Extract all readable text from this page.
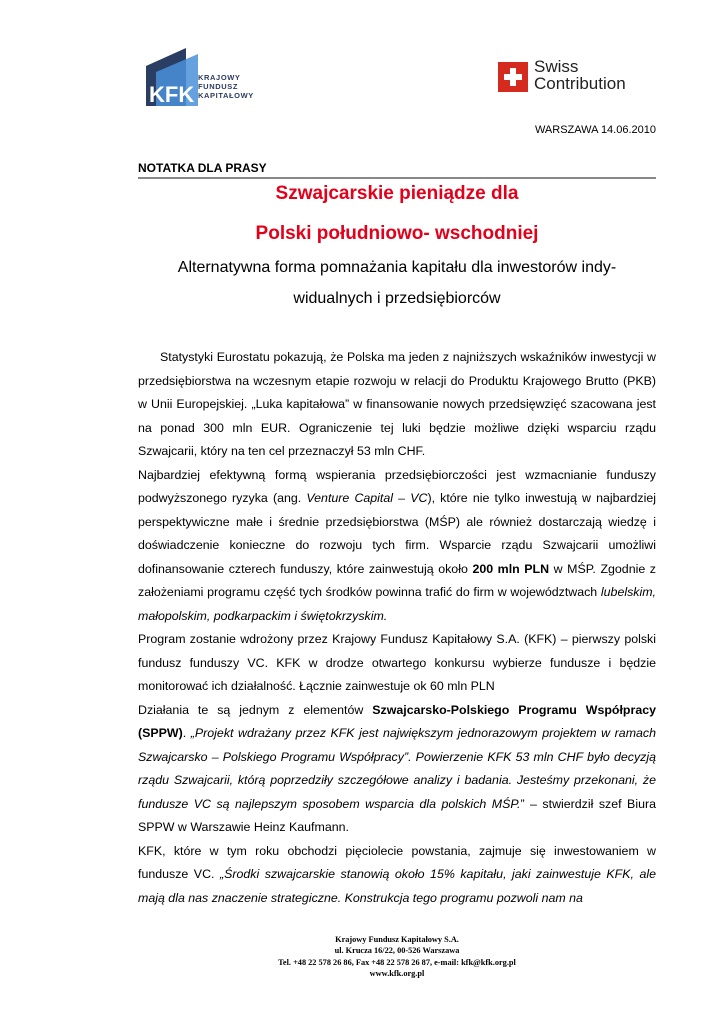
KFK
KRAJOWY
FUNDUSZ
KAPITAŁOWY
Swiss
Contribution
WARSZAWA 14.06.2010
NOTATKA DLA PRASY
Szwajcarskie pieniądze dla
Polski południowo- wschodniej
Alternatywna forma pomnażania kapitału dla inwestorów indy-
widualnych i przedsiębiorców

Statystyki Eurostatu pokazują, że Polska ma jeden z najniższych wskaźników inwestycji w przedsiębiorstwa na wczesnym etapie rozwoju w relacji do Produktu Krajowego Brutto (PKB) w Unii Europejskiej. „Luka kapitałowa” w finansowanie nowych przedsięwzięć szacowana jest na ponad 300 mln EUR. Ograniczenie tej luki będzie możliwe dzięki wsparciu rządu Szwajcarii, który na ten cel przeznaczył 53 mln CHF.

Najbardziej efektywną formą wspierania przedsiębiorczości jest wzmacnianie funduszy podwyższonego ryzyka (ang. Venture Capital – VC), które nie tylko inwestują w najbardziej perspektywiczne małe i średnie przedsiębiorstwa (MŚP) ale również dostarczają wiedzę i doświadczenie konieczne do rozwoju tych firm. Wsparcie rządu Szwajcarii umożliwi dofinansowanie czterech funduszy, które zainwestują około 200 mln PLN w MŚP. Zgodnie z założeniami programu część tych środków powinna trafić do firm w województwach lubelskim, małopolskim, podkarpackim i świętokrzyskim.

Program zostanie wdrożony przez Krajowy Fundusz Kapitałowy S.A. (KFK) – pierwszy polski fundusz funduszy VC. KFK w drodze otwartego konkursu wybierze fundusze i będzie monitorować ich działalność. Łącznie zainwestuje ok 60 mln PLN

Działania te są jednym z elementów Szwajcarsko-Polskiego Programu Współpracy (SPPW). „Projekt wdrażany przez KFK jest największym jednorazowym projektem w ramach Szwajcarsko – Polskiego Programu Współpracy”. Powierzenie KFK 53 mln CHF było decyzją rządu Szwajcarii, którą poprzedziły szczegółowe analizy i badania. Jesteśmy przekonani, że fundusze VC są najlepszym sposobem wsparcia dla polskich MŚP.” – stwierdził szef Biura SPPW w Warszawie Heinz Kaufmann.

KFK, które w tym roku obchodzi pięciolecie powstania, zajmuje się inwestowaniem w fundusze VC. „Środki szwajcarskie stanowią około 15% kapitału, jaki zainwestuje KFK, ale mają dla nas znaczenie strategiczne. Konstrukcja tego programu pozwoli nam na

Krajowy Fundusz Kapitałowy S.A.
ul. Krucza 16/22, 00-526 Warszawa
Tel. +48 22 578 26 86, Fax +48 22 578 26 87, e-mail: kfk@kfk.org.pl
www.kfk.org.pl
